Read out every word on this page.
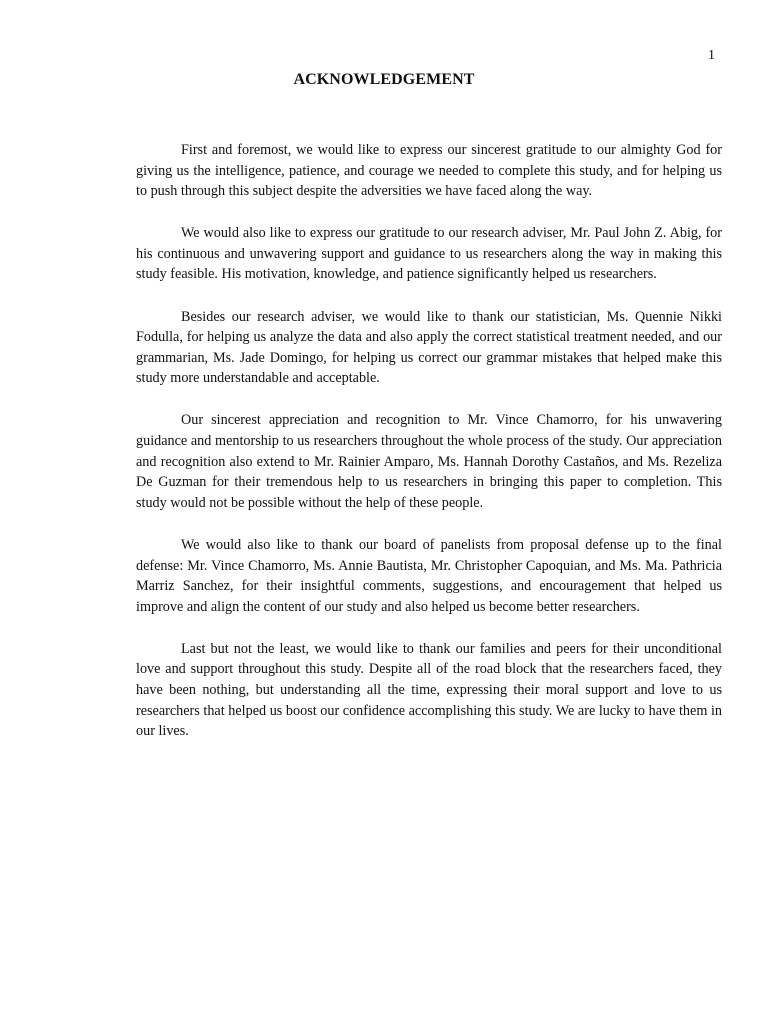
1
ACKNOWLEDGEMENT

First and foremost, we would like to express our sincerest gratitude to our almighty God for giving us the intelligence, patience, and courage we needed to complete this study, and for helping us to push through this subject despite the adversities we have faced along the way.

We would also like to express our gratitude to our research adviser, Mr. Paul John Z. Abig, for his continuous and unwavering support and guidance to us researchers along the way in making this study feasible. His motivation, knowledge, and patience significantly helped us researchers.

Besides our research adviser, we would like to thank our statistician, Ms. Quennie Nikki Fodulla, for helping us analyze the data and also apply the correct statistical treatment needed, and our grammarian, Ms. Jade Domingo, for helping us correct our grammar mistakes that helped make this study more understandable and acceptable.

Our sincerest appreciation and recognition to Mr. Vince Chamorro, for his unwavering guidance and mentorship to us researchers throughout the whole process of the study. Our appreciation and recognition also extend to Mr. Rainier Amparo, Ms. Hannah Dorothy Castaños, and Ms. Rezeliza De Guzman for their tremendous help to us researchers in bringing this paper to completion. This study would not be possible without the help of these people.

We would also like to thank our board of panelists from proposal defense up to the final defense: Mr. Vince Chamorro, Ms. Annie Bautista, Mr. Christopher Capoquian, and Ms. Ma. Pathricia Marriz Sanchez, for their insightful comments, suggestions, and encouragement that helped us improve and align the content of our study and also helped us become better researchers.

Last but not the least, we would like to thank our families and peers for their unconditional love and support throughout this study. Despite all of the road block that the researchers faced, they have been nothing, but understanding all the time, expressing their moral support and love to us researchers that helped us boost our confidence accomplishing this study. We are lucky to have them in our lives.
